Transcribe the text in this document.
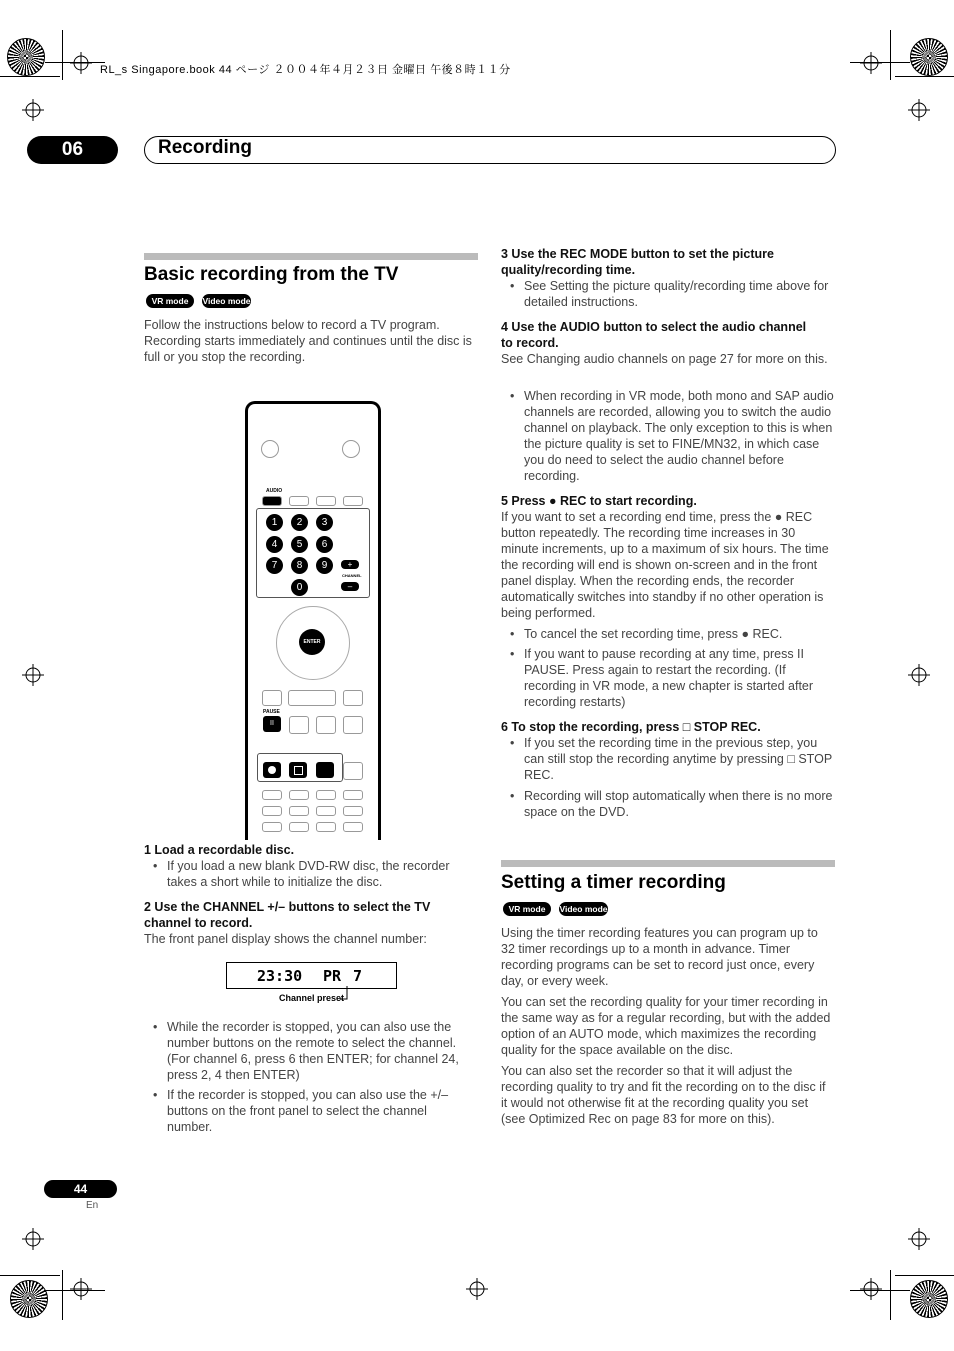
RL_s Singapore.book 44 ページ ２００４年４月２３日 金曜日 午後８時１１分
06	Recording
Basic recording from the TV
VR mode	Video mode
Follow the instructions below to record a TV program. Recording starts immediately and continues until the disc is full or you stop the recording.
AUDIO
1	2	3
4	5	6
7	8	9
0
+
CHANNEL
–
ENTER
PAUSE
II
1 Load a recordable disc.
• If you load a new blank DVD-RW disc, the recorder takes a short while to initialize the disc.
2 Use the CHANNEL +/– buttons to select the TV
channel to record.
The front panel display shows the channel number:
23:30 PR 7
Channel preset
• While the recorder is stopped, you can also use the number buttons on the remote to select the channel. (For channel 6, press 6 then ENTER; for channel 24, press 2, 4 then ENTER)
• If the recorder is stopped, you can also use the +/– buttons on the front panel to select the channel number.
3 Use the REC MODE button to set the picture quality/recording time.
• See Setting the picture quality/recording time above for detailed instructions.
4 Use the AUDIO button to select the audio channel to record.
See Changing audio channels on page 27 for more on this.
• When recording in VR mode, both mono and SAP audio channels are recorded, allowing you to switch the audio channel on playback. The only exception to this is when the picture quality is set to FINE/MN32, in which case you do need to select the audio channel before recording.
5 Press ● REC to start recording.
If you want to set a recording end time, press the ● REC button repeatedly. The recording time increases in 30 minute increments, up to a maximum of six hours. The time the recording will end is shown on-screen and in the front panel display. When the recording ends, the recorder automatically switches into standby if no other operation is being performed.
• To cancel the set recording time, press ● REC.
• If you want to pause recording at any time, press II PAUSE. Press again to restart the recording. (If recording in VR mode, a new chapter is started after recording restarts)
6 To stop the recording, press □ STOP REC.
• If you set the recording time in the previous step, you can still stop the recording anytime by pressing □ STOP REC.
• Recording will stop automatically when there is no more space on the DVD.
Setting a timer recording
VR mode	Video mode
Using the timer recording features you can program up to 32 timer recordings up to a month in advance. Timer recording programs can be set to record just once, every day, or every week.
You can set the recording quality for your timer recording in the same way as for a regular recording, but with the added option of an AUTO mode, which maximizes the recording quality for the space available on the disc.
You can also set the recorder so that it will adjust the recording quality to try and fit the recording on to the disc if it would not otherwise fit at the recording quality you set (see Optimized Rec on page 83 for more on this).
44
En
